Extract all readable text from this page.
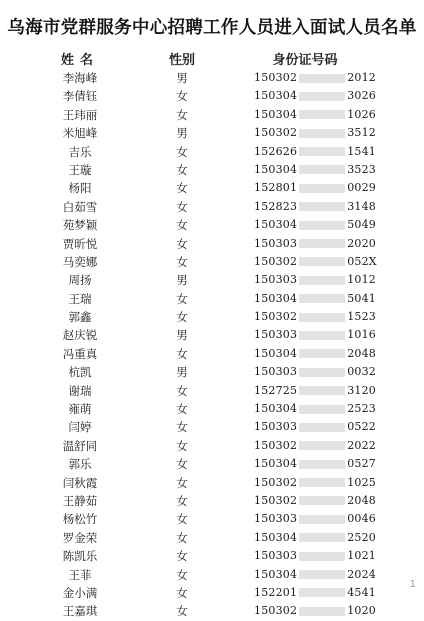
乌海市党群服务中心招聘工作人员进入面试人员名单
姓名	性别	身份证号码
李海峰	男	150302	2012
李倩钰	女	150304	3026
王玮丽	女	150304	1026
米旭峰	男	150302	3512
吉乐	女	152626	1541
王璇	女	150304	3523
杨阳	女	152801	0029
白茹雪	女	152823	3148
苑梦颖	女	150304	5049
贾昕悦	女	150303	2020
马奕娜	女	150302	052X
周扬	男	150303	1012
王瑞	女	150304	5041
郭鑫	女	150302	1523
赵庆锐	男	150303	1016
冯重真	女	150304	2048
杭凯	男	150303	0032
谢瑞	女	152725	3120
雍萌	女	150304	2523
闫婷	女	150303	0522
温舒同	女	150302	2022
郭乐	女	150304	0527
闫秋霞	女	150302	1025
王静茹	女	150302	2048
杨松竹	女	150303	0046
罗金荣	女	150304	2520
陈凯乐	女	150303	1021
王菲	女	150304	2024
金小满	女	152201	4541
王嘉琪	女	150302	1020
1
